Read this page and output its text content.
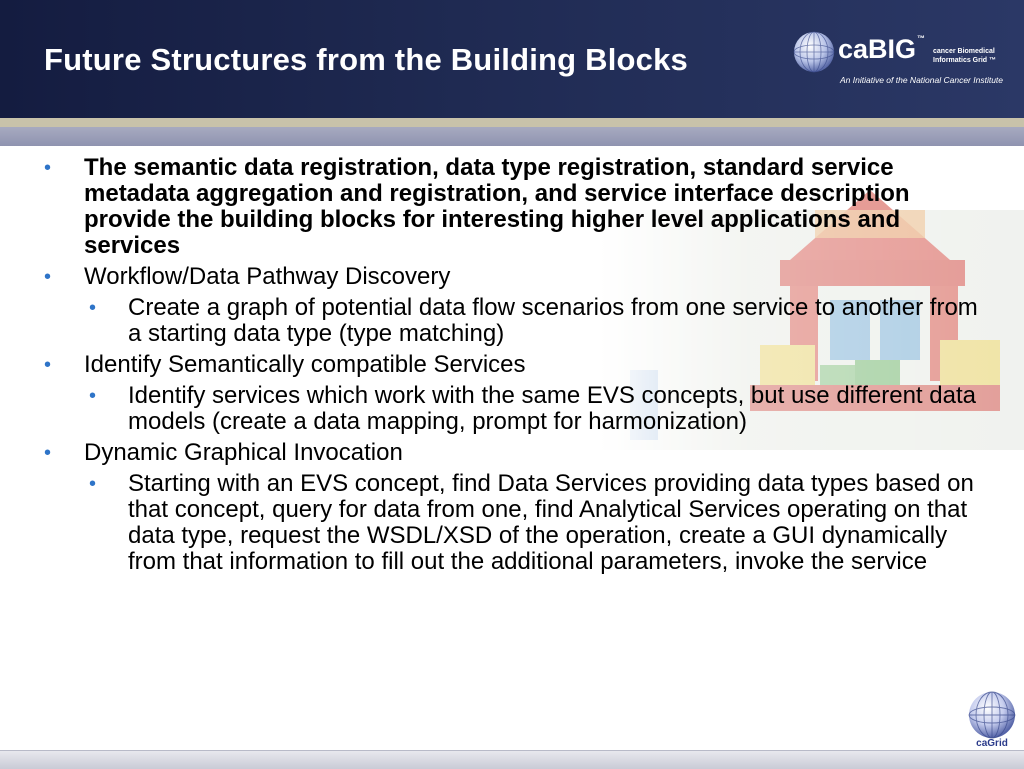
Future Structures from the Building Blocks	caBIG™
cancer Biomedical
Informatics Grid ™
An Initiative of the National Cancer Institute
• The semantic data registration, data type registration, standard service metadata aggregation and registration, and service interface description provide the building blocks for interesting higher level applications and services
• Workflow/Data Pathway Discovery
• Create a graph of potential data flow scenarios from one service to another from a starting data type (type matching)
• Identify Semantically compatible Services
• Identify services which work with the same EVS concepts, but use different data models (create a data mapping, prompt for harmonization)
• Dynamic Graphical Invocation
• Starting with an EVS concept, find Data Services providing data types based on that concept, query for data from one, find Analytical Services operating on that data type, request the WSDL/XSD of the operation, create a GUI dynamically from that information to fill out the additional parameters, invoke the service
caGrid
